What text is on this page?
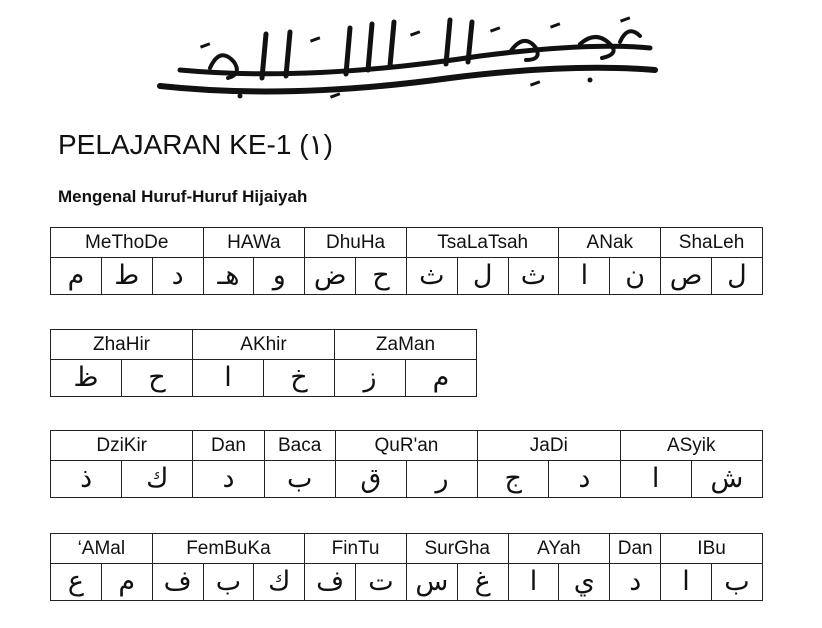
PELAJARAN KE-1 (١)
Mengenal Huruf-Huruf Hijaiyah
MeThoDe			HAWa		DhuHa		TsaLaTsah			ANak		ShaLeh	
م	ط	د	هـ	و	ض	ح	ث	ل	ث	ا	ن	ص	ل
ZhaHir		AKhir		ZaMan	
ظ	ح	ا	خ	ز	م
DziKir		Dan	Baca	QuR'an		JaDi		ASyik	
ذ	ك	د	ب	ق	ر	ج	د	ا	ش
‘AMal		FemBuKa			FinTu		SurGha		AYah		Dan	IBu	
ع	م	ف	ب	ك	ف	ت	س	غ	ا	ي	د	ا	ب
